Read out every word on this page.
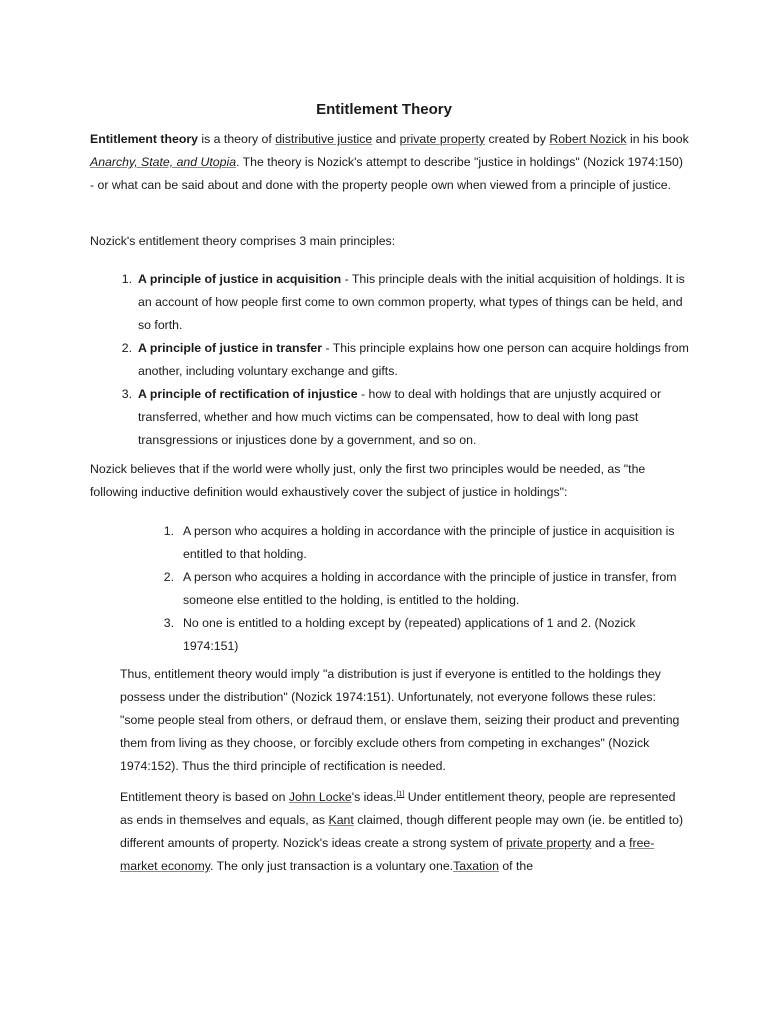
Entitlement Theory

Entitlement theory is a theory of distributive justice and private property created by Robert Nozick in his book Anarchy, State, and Utopia. The theory is Nozick's attempt to describe "justice in holdings" (Nozick 1974:150) - or what can be said about and done with the property people own when viewed from a principle of justice.

Nozick's entitlement theory comprises 3 main principles:

1. A principle of justice in acquisition - This principle deals with the initial acquisition of holdings. It is an account of how people first come to own common property, what types of things can be held, and so forth.
2. A principle of justice in transfer - This principle explains how one person can acquire holdings from another, including voluntary exchange and gifts.
3. A principle of rectification of injustice - how to deal with holdings that are unjustly acquired or transferred, whether and how much victims can be compensated, how to deal with long past transgressions or injustices done by a government, and so on.

Nozick believes that if the world were wholly just, only the first two principles would be needed, as "the following inductive definition would exhaustively cover the subject of justice in holdings":

1. A person who acquires a holding in accordance with the principle of justice in acquisition is entitled to that holding.
2. A person who acquires a holding in accordance with the principle of justice in transfer, from someone else entitled to the holding, is entitled to the holding.
3. No one is entitled to a holding except by (repeated) applications of 1 and 2. (Nozick 1974:151)

Thus, entitlement theory would imply "a distribution is just if everyone is entitled to the holdings they possess under the distribution" (Nozick 1974:151). Unfortunately, not everyone follows these rules: "some people steal from others, or defraud them, or enslave them, seizing their product and preventing them from living as they choose, or forcibly exclude others from competing in exchanges" (Nozick 1974:152). Thus the third principle of rectification is needed.

Entitlement theory is based on John Locke's ideas.[1] Under entitlement theory, people are represented as ends in themselves and equals, as Kant claimed, though different people may own (ie. be entitled to) different amounts of property. Nozick's ideas create a strong system of private property and a free-market economy. The only just transaction is a voluntary one.Taxation of the
